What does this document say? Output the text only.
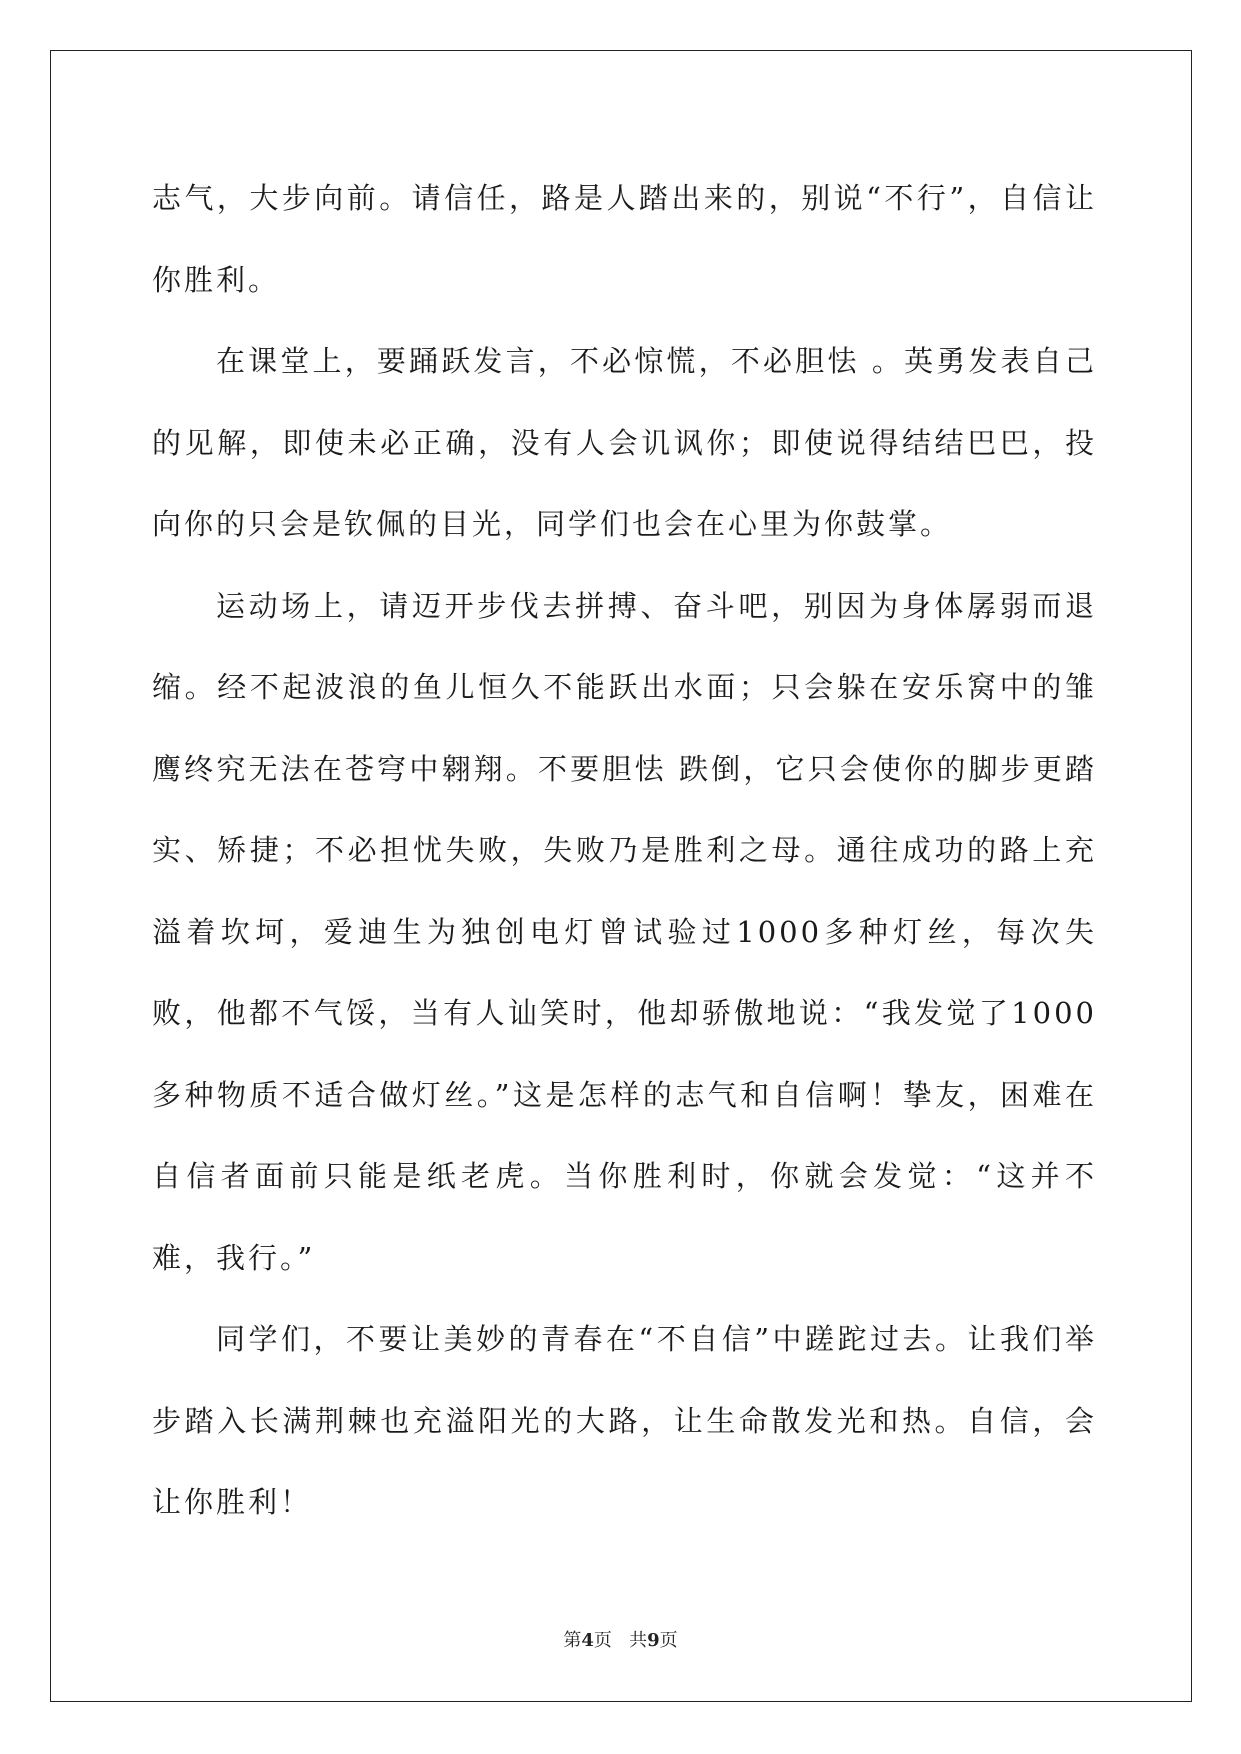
志气，大步向前。请信任，路是人踏出来的，别说“不行”，自信让你胜利。

在课堂上，要踊跃发言，不必惊慌，不必胆怯 。英勇发表自己的见解，即使未必正确，没有人会讥讽你；即使说得结结巴巴，投向你的只会是钦佩的目光，同学们也会在心里为你鼓掌。

运动场上，请迈开步伐去拼搏、奋斗吧，别因为身体孱弱而退缩。经不起波浪的鱼儿恒久不能跃出水面；只会躲在安乐窝中的雏鹰终究无法在苍穹中翱翔。不要胆怯 跌倒，它只会使你的脚步更踏实、矫捷；不必担忧失败，失败乃是胜利之母。通往成功的路上充溢着坎坷，爱迪生为独创电灯曾试验过1000多种灯丝，每次失败，他都不气馁，当有人讪笑时，他却骄傲地说：“我发觉了1000多种物质不适合做灯丝。”这是怎样的志气和自信啊！挚友，困难在自信者面前只能是纸老虎。当你胜利时，你就会发觉：“这并不难，我行。”

同学们，不要让美妙的青春在“不自信”中蹉跎过去。让我们举步踏入长满荆棘也充溢阳光的大路，让生命散发光和热。自信，会让你胜利！

第4页 共9页
